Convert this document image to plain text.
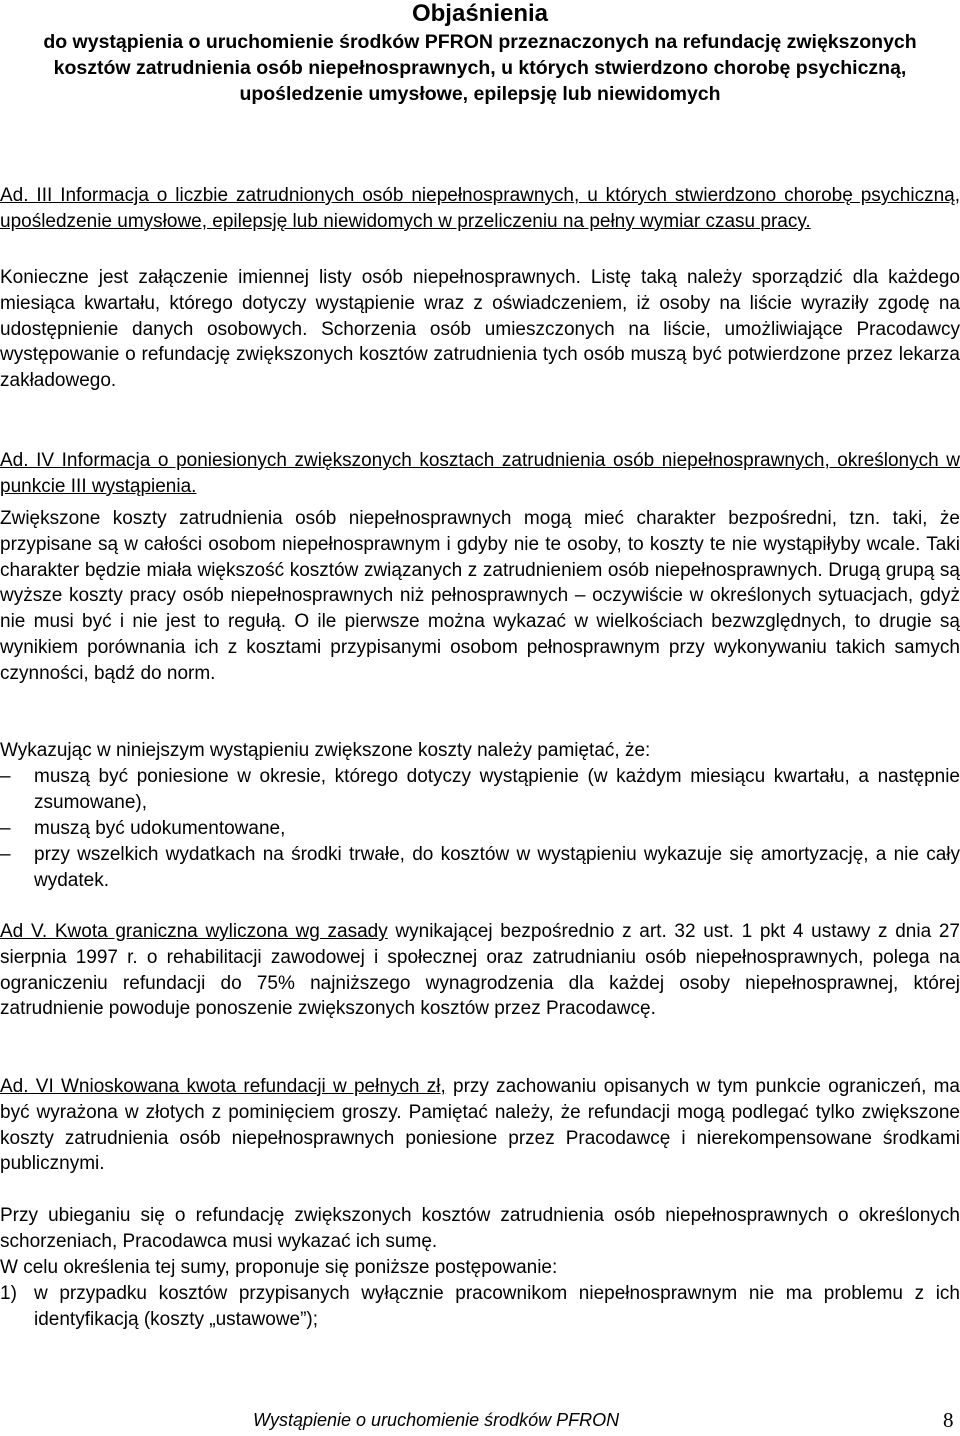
Objaśnienia
do wystąpienia o uruchomienie środków PFRON przeznaczonych na refundację zwiększonych kosztów zatrudnienia osób niepełnosprawnych, u których stwierdzono chorobę psychiczną, upośledzenie umysłowe, epilepsję lub niewidomych
Ad. III Informacja o liczbie zatrudnionych osób niepełnosprawnych, u których stwierdzono chorobę psychiczną, upośledzenie umysłowe, epilepsję lub niewidomych w przeliczeniu na pełny wymiar czasu pracy.
Konieczne jest załączenie imiennej listy osób niepełnosprawnych. Listę taką należy sporządzić dla każdego miesiąca kwartału, którego dotyczy wystąpienie wraz z oświadczeniem, iż osoby na liście wyraziły zgodę na udostępnienie danych osobowych. Schorzenia osób umieszczonych na liście, umożliwiające Pracodawcy występowanie o refundację zwiększonych kosztów zatrudnienia tych osób muszą być potwierdzone przez lekarza zakładowego.
Ad. IV Informacja o poniesionych zwiększonych kosztach zatrudnienia osób niepełnosprawnych, określonych w punkcie III wystąpienia.
Zwiększone koszty zatrudnienia osób niepełnosprawnych mogą mieć charakter bezpośredni, tzn. taki, że przypisane są w całości osobom niepełnosprawnym i gdyby nie te osoby, to koszty te nie wystąpiłyby wcale. Taki charakter będzie miała większość kosztów związanych z zatrudnieniem osób niepełnosprawnych. Drugą grupą są wyższe koszty pracy osób niepełnosprawnych niż pełnosprawnych – oczywiście w określonych sytuacjach, gdyż nie musi być i nie jest to regułą. O ile pierwsze można wykazać w wielkościach bezwzględnych, to drugie są wynikiem porównania ich z kosztami przypisanymi osobom pełnosprawnym przy wykonywaniu takich samych czynności, bądź do norm.
Wykazując w niniejszym wystąpieniu zwiększone koszty należy pamiętać, że:
–	muszą być poniesione w okresie, którego dotyczy wystąpienie (w każdym miesiącu kwartału, a następnie zsumowane),
–	muszą być udokumentowane,
–	przy wszelkich wydatkach na środki trwałe, do kosztów w wystąpieniu wykazuje się amortyzację, a nie cały wydatek.
Ad V. Kwota graniczna wyliczona wg zasady wynikającej bezpośrednio z art. 32 ust. 1 pkt 4 ustawy z dnia 27 sierpnia 1997 r. o rehabilitacji zawodowej i społecznej oraz zatrudnianiu osób niepełnosprawnych, polega na ograniczeniu refundacji do 75% najniższego wynagrodzenia dla każdej osoby niepełnosprawnej, której zatrudnienie powoduje ponoszenie zwiększonych kosztów przez Pracodawcę.
Ad. VI Wnioskowana kwota refundacji w pełnych zł, przy zachowaniu opisanych w tym punkcie ograniczeń, ma być wyrażona w złotych z pominięciem groszy. Pamiętać należy, że refundacji mogą podlegać tylko zwiększone koszty zatrudnienia osób niepełnosprawnych poniesione przez Pracodawcę i nierekompensowane środkami publicznymi.
Przy ubieganiu się o refundację zwiększonych kosztów zatrudnienia osób niepełnosprawnych o określonych schorzeniach, Pracodawca musi wykazać ich sumę.
W celu określenia tej sumy, proponuje się poniższe postępowanie:
1) w przypadku kosztów przypisanych wyłącznie pracownikom niepełnosprawnym nie ma problemu z ich identyfikacją (koszty „ustawowe”);
Wystąpienie o uruchomienie środków PFRON	8
